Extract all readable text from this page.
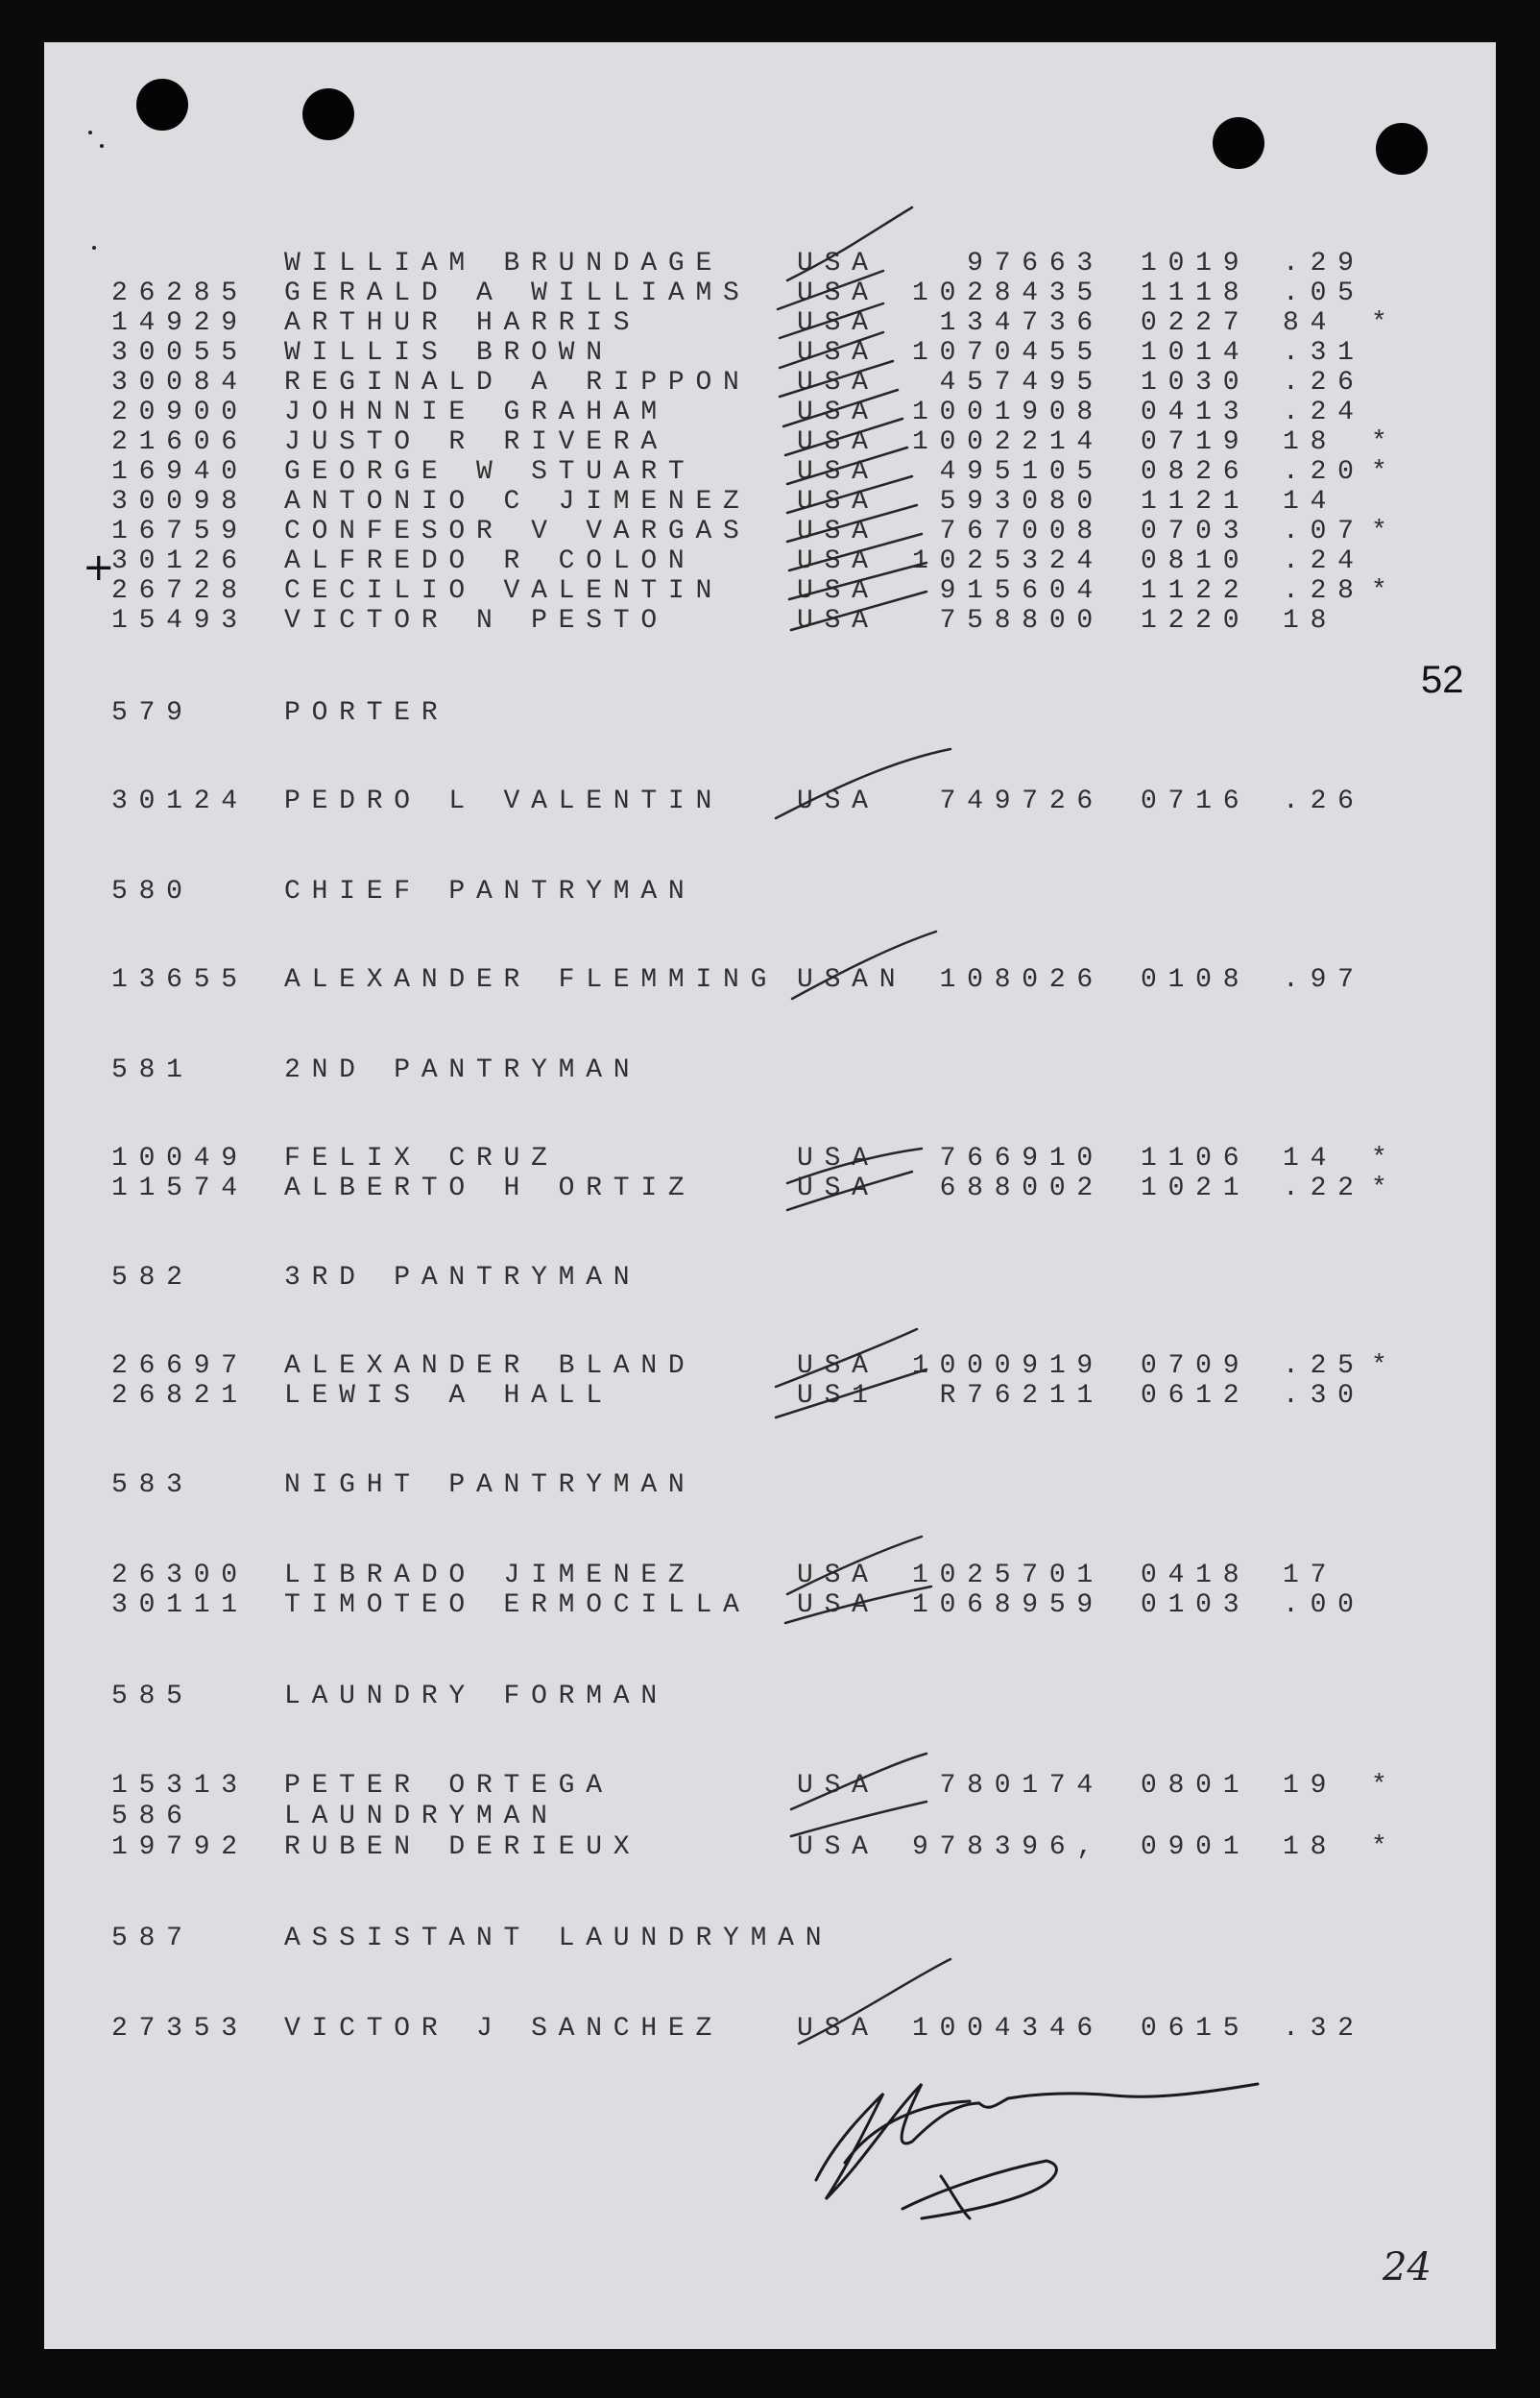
52
+
WILLIAM BRUNDAGE	USA	97663 1019 .29
26285 GERALD A WILLIAMS USA 1028435 1118 .05
14929 ARTHUR HARRIS	USA	134736 0227 84 *
30055 WILLIS BROWN	USA 1070455 1014 .31
30084 REGINALD A RIPPON USA	457495 1030 .26
20900 JOHNNIE GRAHAM	USA 1001908 0413 .24
21606 JUSTO R RIVERA	USA 1002214 0719 18 *
16940 GEORGE W STUART	USA	495105 0826 .20 *
30098 ANTONIO C JIMENEZ USA	593080 1121 14
16759 CONFESOR V VARGAS USA	767008 0703 .07 *
30126 ALFREDO R COLON	USA 1025324 0810 .24
26728 CECILIO VALENTIN	USA	915604 1122 .28 *
15493 VICTOR N PESTO	USA	758800 1220 18
579	PORTER
30124 PEDRO L VALENTIN	USA	749726 0716 .26
580	CHIEF PANTRYMAN
13655 ALEXANDER FLEMMING USAN	108026 0108 .97
581	2ND PANTRYMAN
10049 FELIX CRUZ	USA	766910 1106 14 *
11574 ALBERTO H ORTIZ	USA	688002 1021 .22 *
582	3RD PANTRYMAN
26697 ALEXANDER BLAND	USA 1000919 0709 .25 *
26821 LEWIS A HALL	US1	R76211 0612 .30
583	NIGHT PANTRYMAN
26300 LIBRADO JIMENEZ	USA 1025701 0418 17
30111 TIMOTEO ERMOCILLA USA 1068959 0103 .00
585	LAUNDRY FORMAN
15313 PETER ORTEGA	USA	780174 0801 19 *
586	LAUNDRYMAN
19792 RUBEN DERIEUX	USA 978396, 0901 18 *
587	ASSISTANT LAUNDRYMAN
27353 VICTOR J SANCHEZ	USA 1004346 0615 .32
24
